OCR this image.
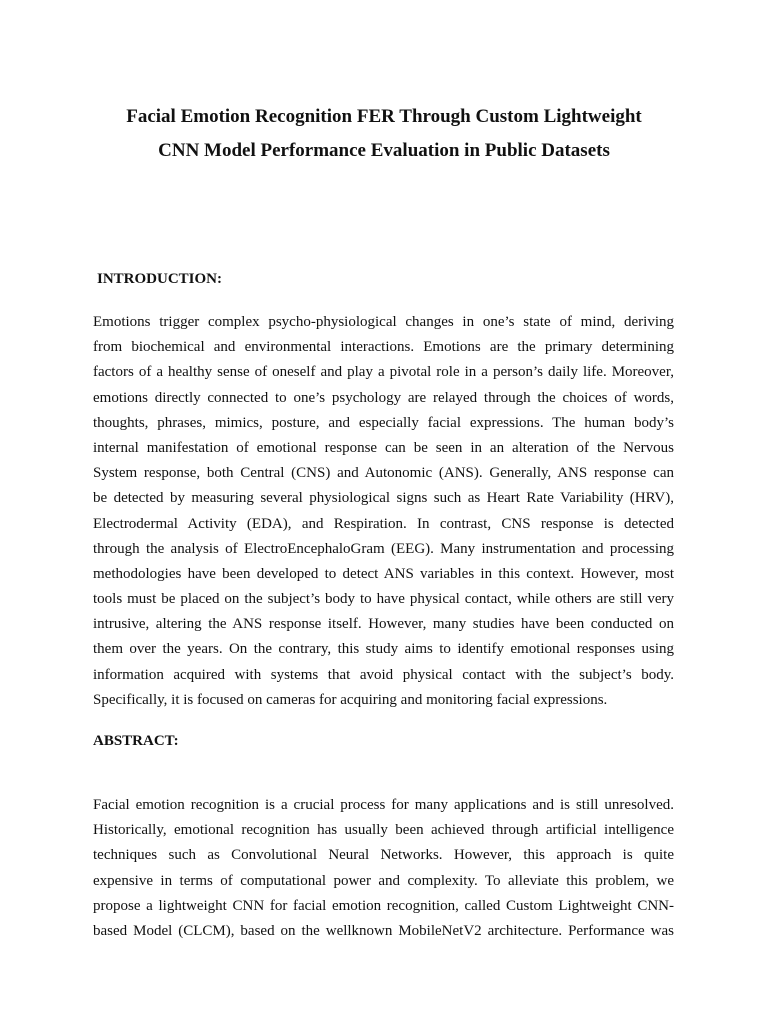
Facial Emotion Recognition FER Through Custom Lightweight
CNN Model Performance Evaluation in Public Datasets
INTRODUCTION:
Emotions trigger complex psycho-physiological changes in one’s state of mind, deriving
from biochemical and environmental interactions. Emotions are the primary determining
factors of a healthy sense of oneself and play a pivotal role in a person’s daily life. Moreover,
emotions directly connected to one’s psychology are relayed through the choices of words,
thoughts, phrases, mimics, posture, and especially facial expressions. The human body’s
internal manifestation of emotional response can be seen in an alteration of the Nervous
System response, both Central (CNS) and Autonomic (ANS). Generally, ANS response can
be detected by measuring several physiological signs such as Heart Rate Variability (HRV),
Electrodermal Activity (EDA), and Respiration. In contrast, CNS response is detected
through the analysis of ElectroEncephaloGram (EEG). Many instrumentation and processing
methodologies have been developed to detect ANS variables in this context. However, most
tools must be placed on the subject’s body to have physical contact, while others are still very
intrusive, altering the ANS response itself. However, many studies have been conducted on
them over the years. On the contrary, this study aims to identify emotional responses using
information acquired with systems that avoid physical contact with the subject’s body.
Specifically, it is focused on cameras for acquiring and monitoring facial expressions.
ABSTRACT:
Facial emotion recognition is a crucial process for many applications and is still unresolved.
Historically, emotional recognition has usually been achieved through artificial intelligence
techniques such as Convolutional Neural Networks. However, this approach is quite
expensive in terms of computational power and complexity. To alleviate this problem, we
propose a lightweight CNN for facial emotion recognition, called Custom Lightweight CNN-
based Model (CLCM), based on the wellknown MobileNetV2 architecture. Performance was
